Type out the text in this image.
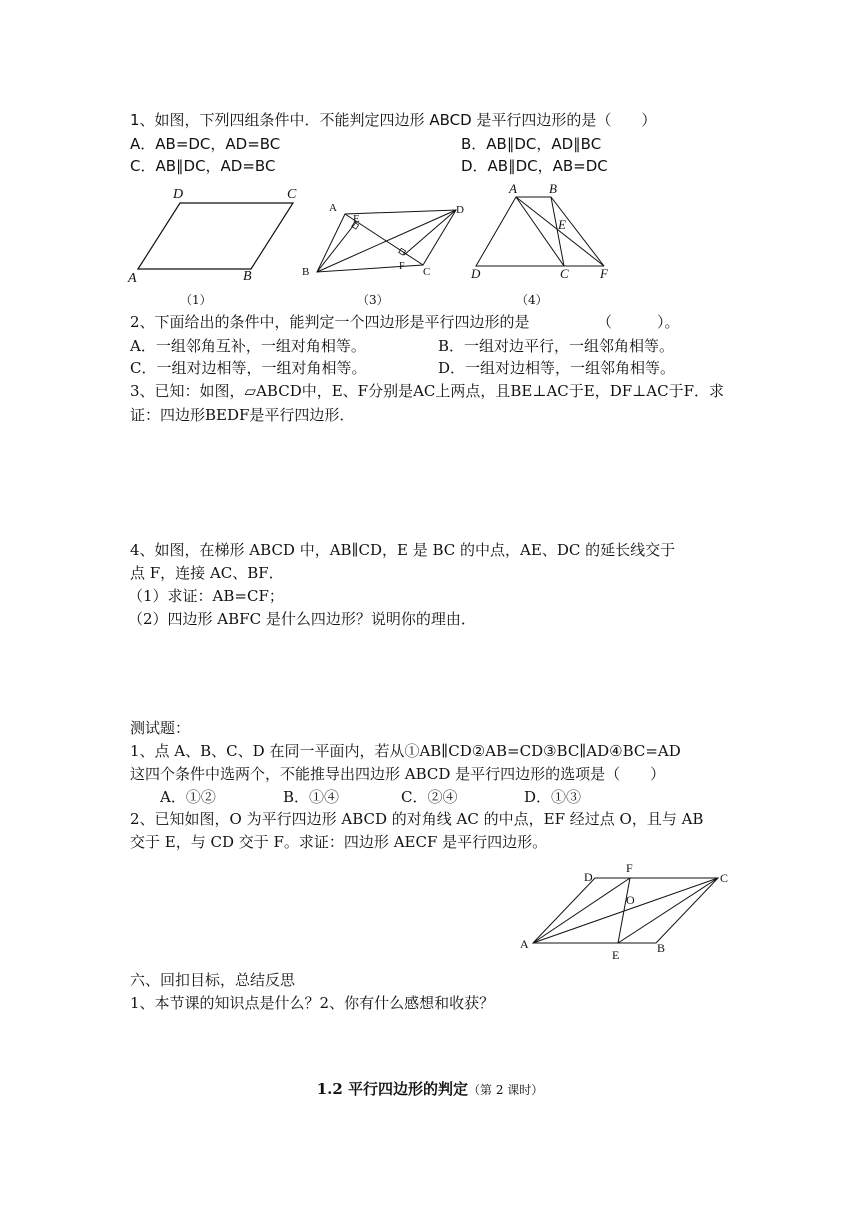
1、如图，下列四组条件中．不能判定四边形 ABCD 是平行四边形的是（　　）
A．AB=DC，AD=BC	B．AB∥DC，AD∥BC
C．AB∥DC，AD=BC	D．AB∥DC，AB=DC
D	C
A	B
（1）
A
E
D
B	F C
（3）
A B
E
D	C F
（4）
2、下面给出的条件中，能判定一个四边形是平行四边形的是　　　　　（　　　）。
A．一组邻角互补，一组对角相等。	B．一组对边平行，一组邻角相等。
C．一组对边相等，一组对角相等。	D．一组对边相等，一组邻角相等。
3、已知：如图，▱ABCD中，E、F分别是AC上两点，且BE⊥AC于E，DF⊥AC于F．求
证：四边形BEDF是平行四边形．
4、如图，在梯形 ABCD 中，AB∥CD，E 是 BC 的中点，AE、DC 的延长线交于
点 F，连接 AC、BF．
（1）求证：AB=CF；
（2）四边形 ABFC 是什么四边形？说明你的理由．
测试题：
1、点 A、B、C、D 在同一平面内，若从①AB∥CD②AB=CD③BC∥AD④BC=AD
这四个条件中选两个，不能推导出四边形 ABCD 是平行四边形的选项是（　　）
A．①②	B．①④	C．②④	D．①③
2、已知如图，O 为平行四边形 ABCD 的对角线 AC 的中点，EF 经过点 O，且与 AB
交于 E，与 CD 交于 F。求证：四边形 AECF 是平行四边形。
D
F
C
O
A
E	B
六、回扣目标，总结反思
1、本节课的知识点是什么？2、你有什么感想和收获？
1.2 平行四边形的判定（第 2 课时）
